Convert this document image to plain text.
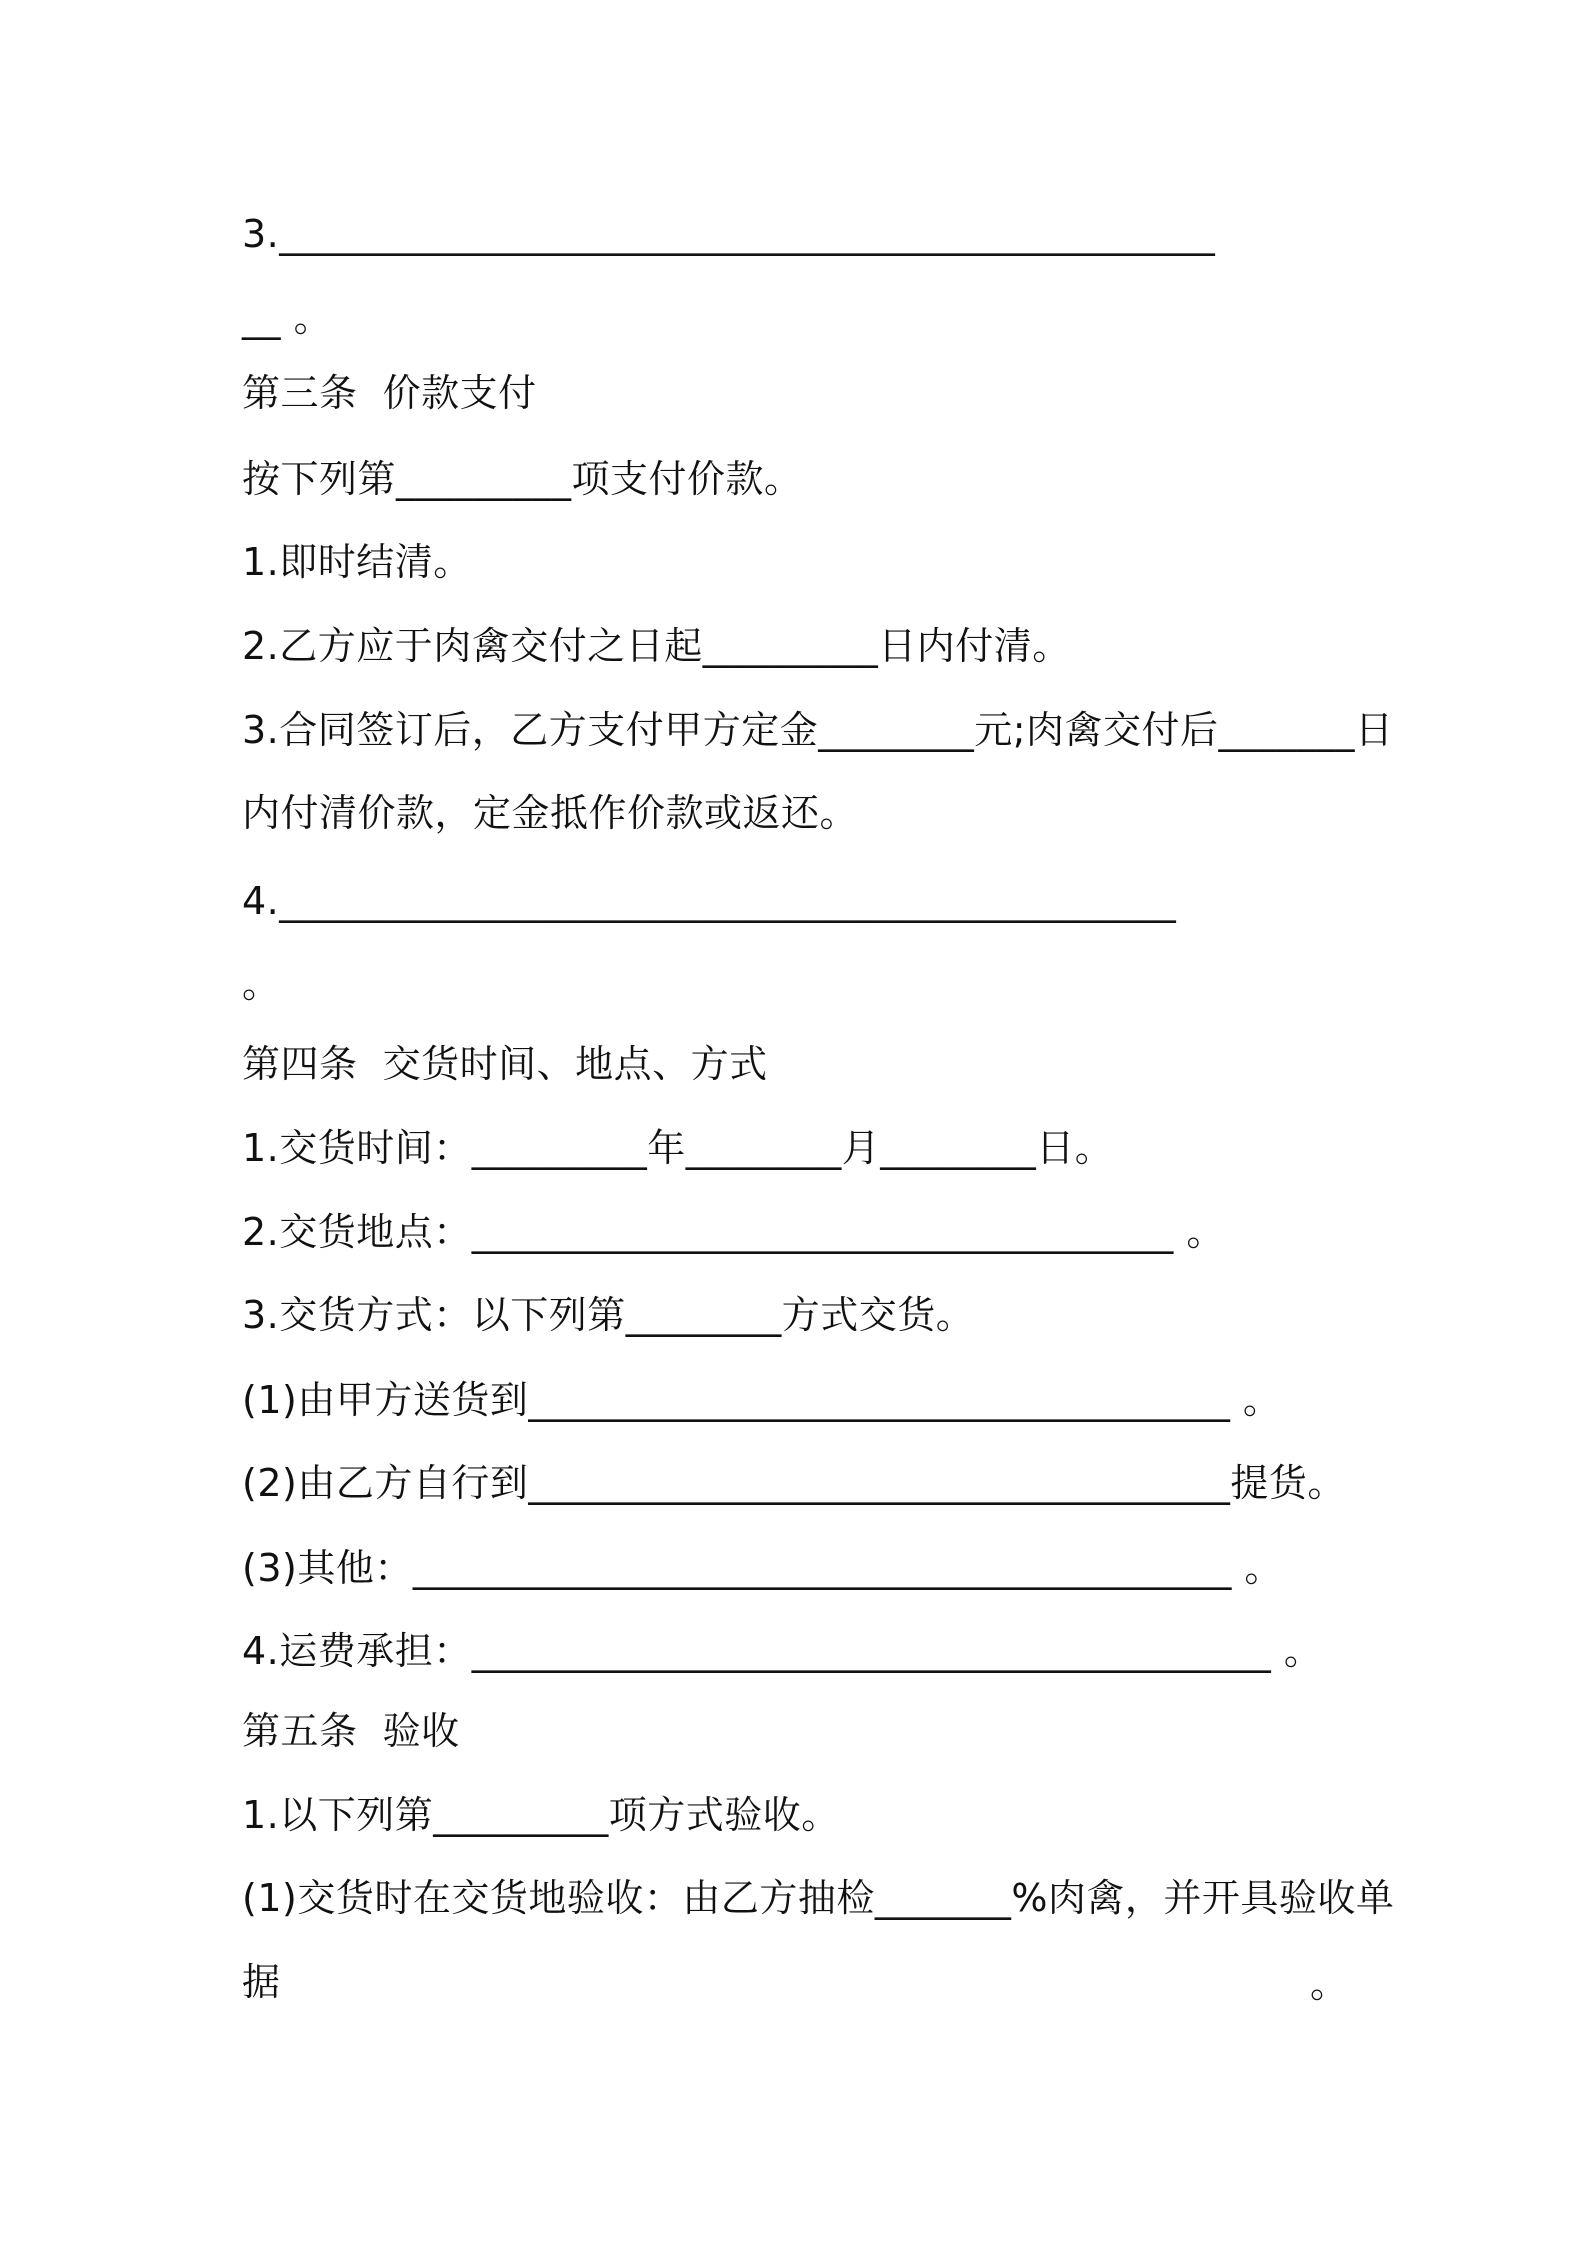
3.________________________________________________
__ 。
第三条  价款支付
按下列第_________项支付价款。
1.即时结清。
2.乙方应于肉禽交付之日起_________日内付清。
3.合同签订后，乙方支付甲方定金________元;肉禽交付后_______日
内付清价款，定金抵作价款或返还。
4.______________________________________________
。
第四条  交货时间、地点、方式
1.交货时间：_________年________月________日。
2.交货地点：____________________________________ 。
3.交货方式：以下列第________方式交货。
(1)由甲方送货到____________________________________ 。
(2)由乙方自行到____________________________________提货。
(3)其他：__________________________________________ 。
4.运费承担：_________________________________________ 。
第五条  验收
1.以下列第_________项方式验收。
(1)交货时在交货地验收：由乙方抽检_______%肉禽，并开具验收单
据	。
